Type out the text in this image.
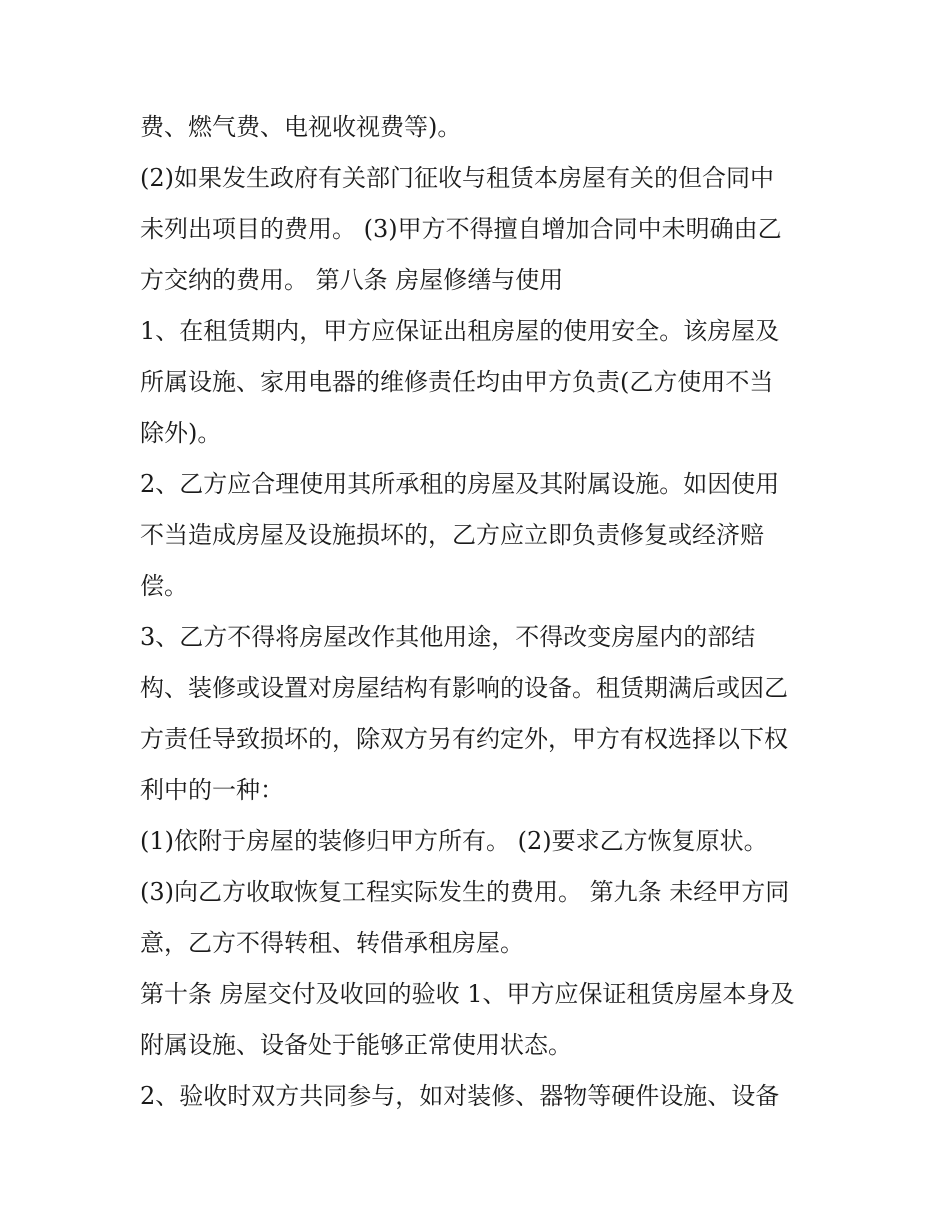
费、燃气费、电视收视费等)。
(2)如果发生政府有关部门征收与租赁本房屋有关的但合同中
未列出项目的费用。 (3)甲方不得擅自增加合同中未明确由乙
方交纳的费用。 第八条 房屋修缮与使用
1、在租赁期内，甲方应保证出租房屋的使用安全。该房屋及
所属设施、家用电器的维修责任均由甲方负责(乙方使用不当
除外)。
2、乙方应合理使用其所承租的房屋及其附属设施。如因使用
不当造成房屋及设施损坏的，乙方应立即负责修复或经济赔
偿。
3、乙方不得将房屋改作其他用途，不得改变房屋内的部结
构、装修或设置对房屋结构有影响的设备。租赁期满后或因乙
方责任导致损坏的，除双方另有约定外，甲方有权选择以下权
利中的一种：
(1)依附于房屋的装修归甲方所有。 (2)要求乙方恢复原状。
(3)向乙方收取恢复工程实际发生的费用。 第九条 未经甲方同
意，乙方不得转租、转借承租房屋。
第十条 房屋交付及收回的验收 1、甲方应保证租赁房屋本身及
附属设施、设备处于能够正常使用状态。
2、验收时双方共同参与，如对装修、器物等硬件设施、设备
